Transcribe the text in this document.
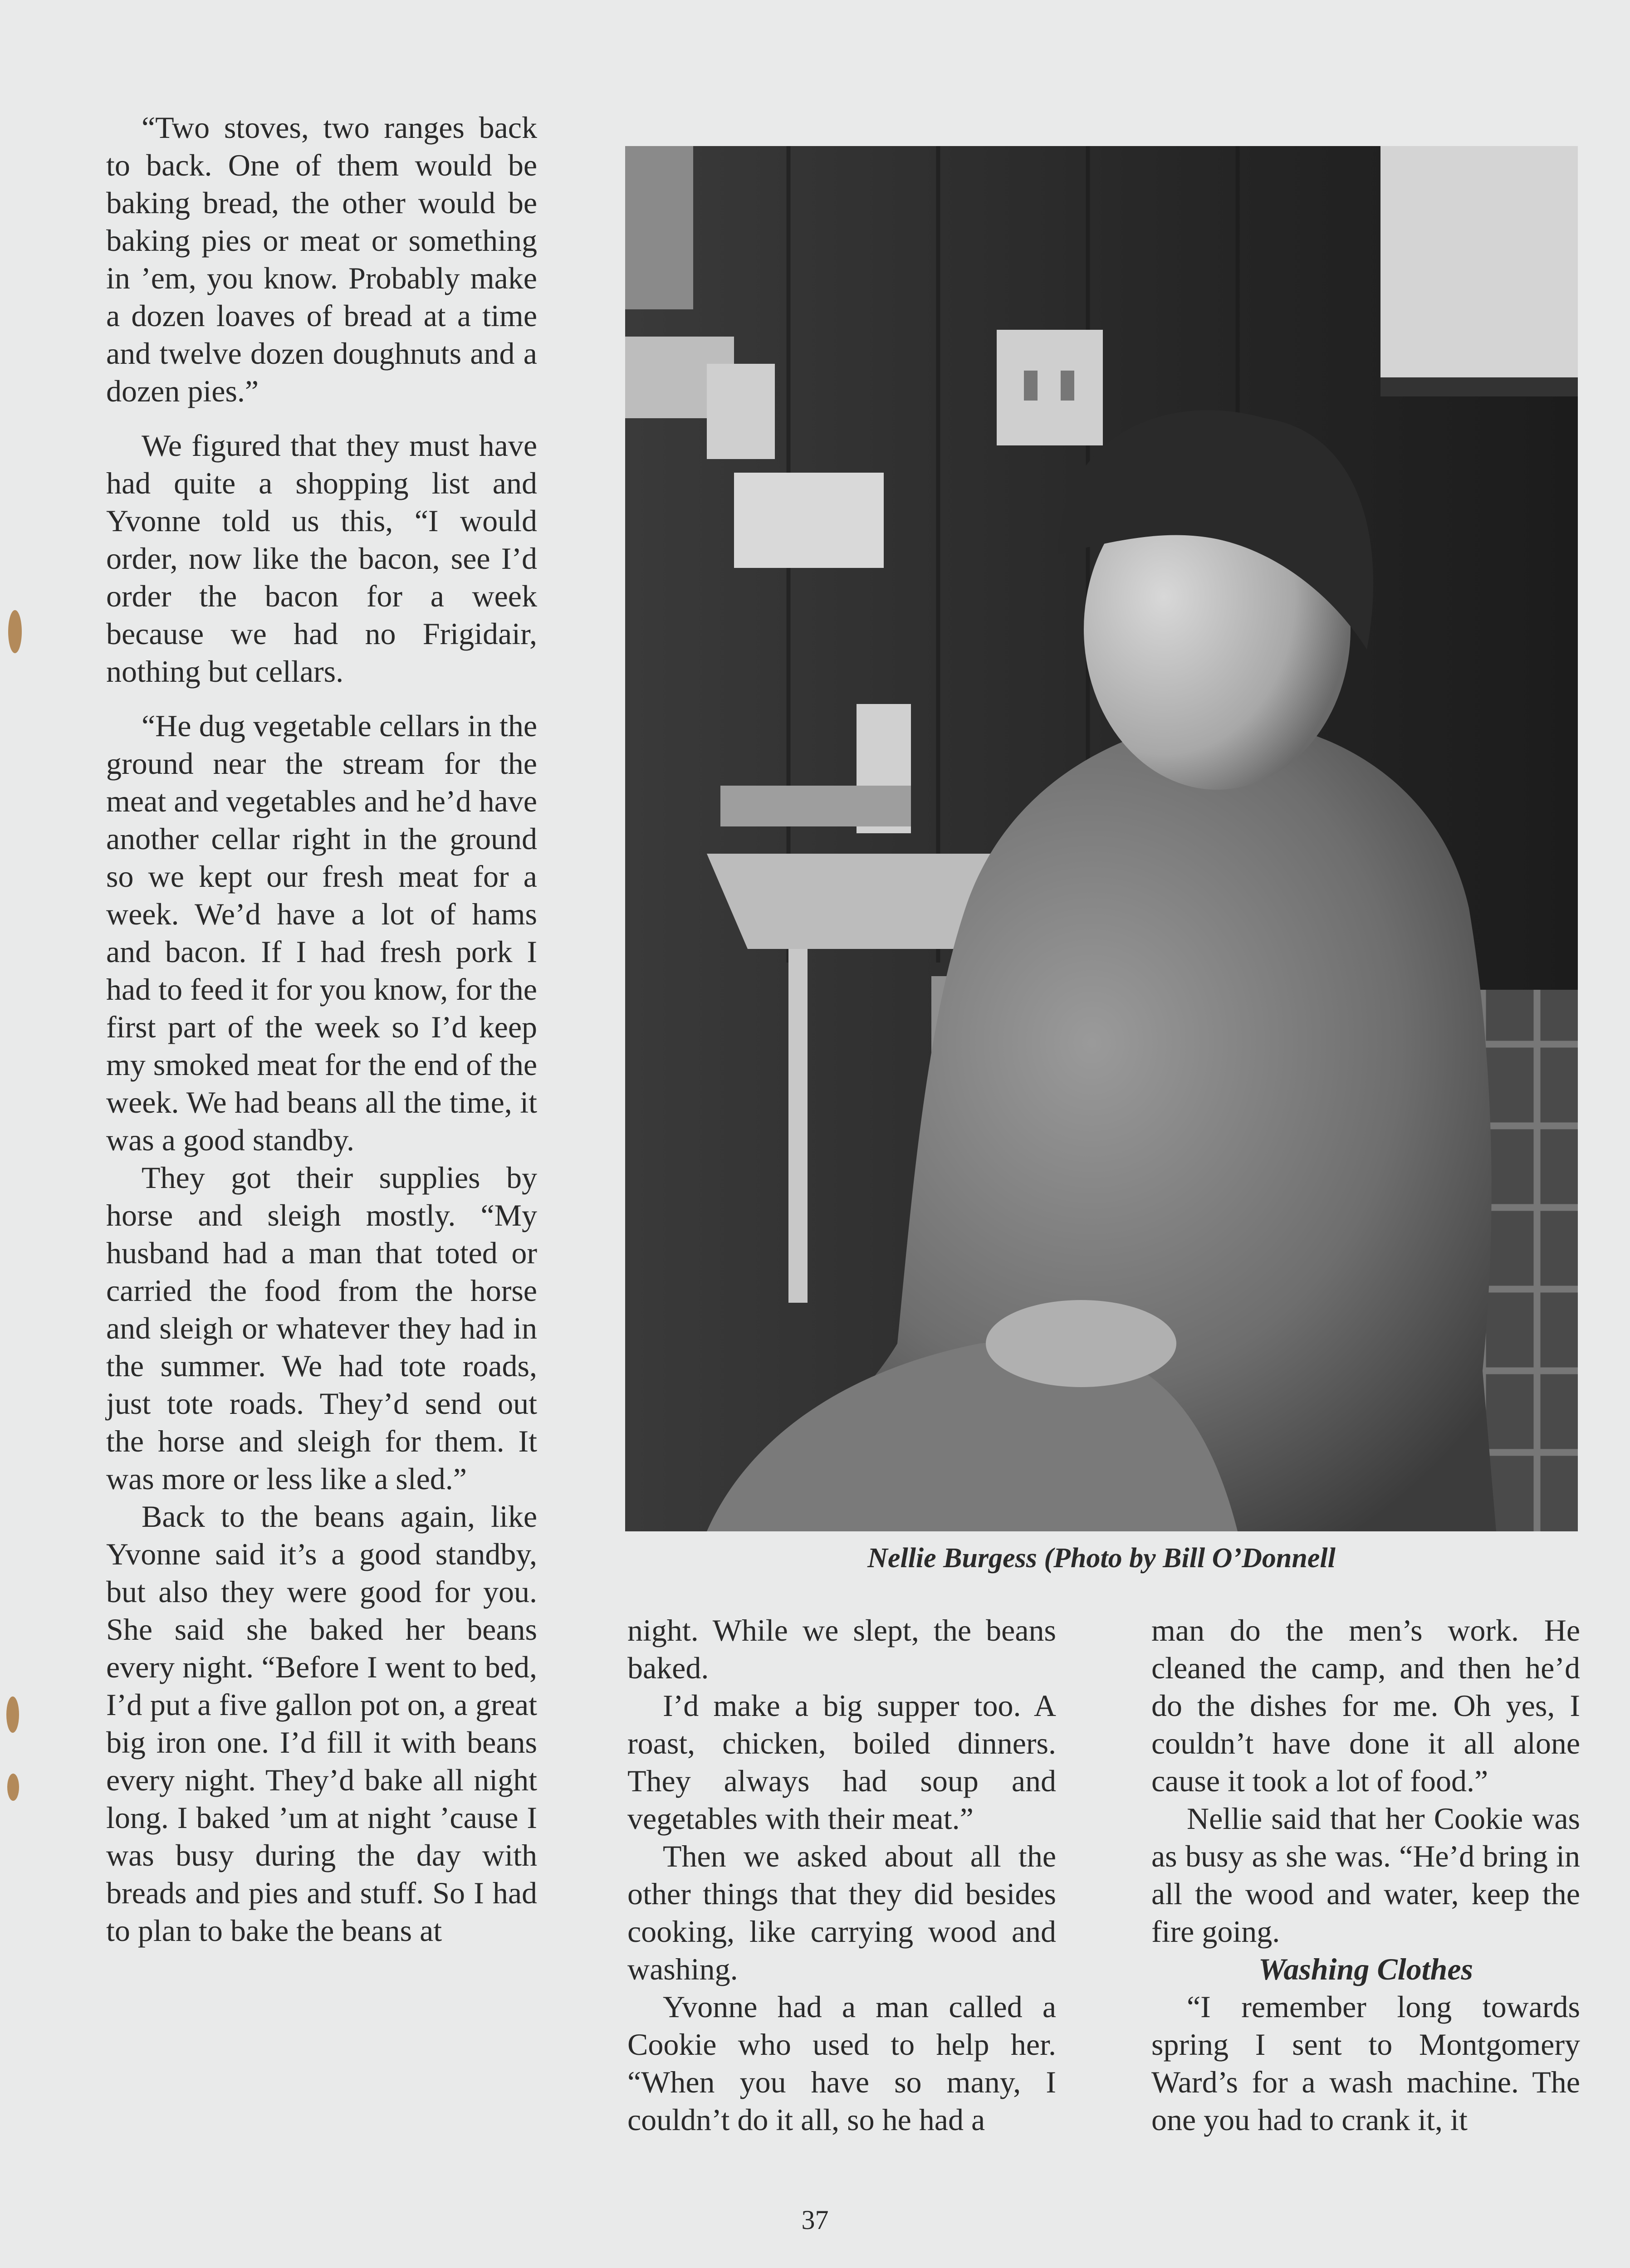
“Two stoves, two ranges back to back. One of them would be baking bread, the other would be baking pies or meat or something in ’em, you know. Probably make a dozen loaves of bread at a time and twelve dozen doughnuts and a dozen pies.”

We figured that they must have had quite a shopping list and Yvonne told us this, “I would order, now like the bacon, see I’d order the bacon for a week because we had no Frigidair, nothing but cellars.

“He dug vegetable cellars in the ground near the stream for the meat and vegetables and he’d have another cellar right in the ground so we kept our fresh meat for a week. We’d have a lot of hams and bacon. If I had fresh pork I had to feed it for you know, for the first part of the week so I’d keep my smoked meat for the end of the week. We had beans all the time, it was a good standby.

They got their supplies by horse and sleigh mostly. “My husband had a man that toted or carried the food from the horse and sleigh or whatever they had in the summer. We had tote roads, just tote roads. They’d send out the horse and sleigh for them. It was more or less like a sled.”

Back to the beans again, like Yvonne said it’s a good standby, but also they were good for you. She said she baked her beans every night. “Before I went to bed, I’d put a five gallon pot on, a great big iron one. I’d fill it with beans every night. They’d bake all night long. I baked ’um at night ’cause I was busy during the day with breads and pies and stuff. So I had to plan to bake the beans at

Nellie Burgess (Photo by Bill O’Donnell

night. While we slept, the beans baked.

I’d make a big supper too. A roast, chicken, boiled dinners. They always had soup and vegetables with their meat.”

Then we asked about all the other things that they did besides cooking, like carrying wood and washing.

Yvonne had a man called a Cookie who used to help her. “When you have so many, I couldn’t do it all, so he had a

man do the men’s work. He cleaned the camp, and then he’d do the dishes for me. Oh yes, I couldn’t have done it all alone cause it took a lot of food.”

Nellie said that her Cookie was as busy as she was. “He’d bring in all the wood and water, keep the fire going.

Washing Clothes

“I remember long towards spring I sent to Montgomery Ward’s for a wash machine. The one you had to crank it, it

37
